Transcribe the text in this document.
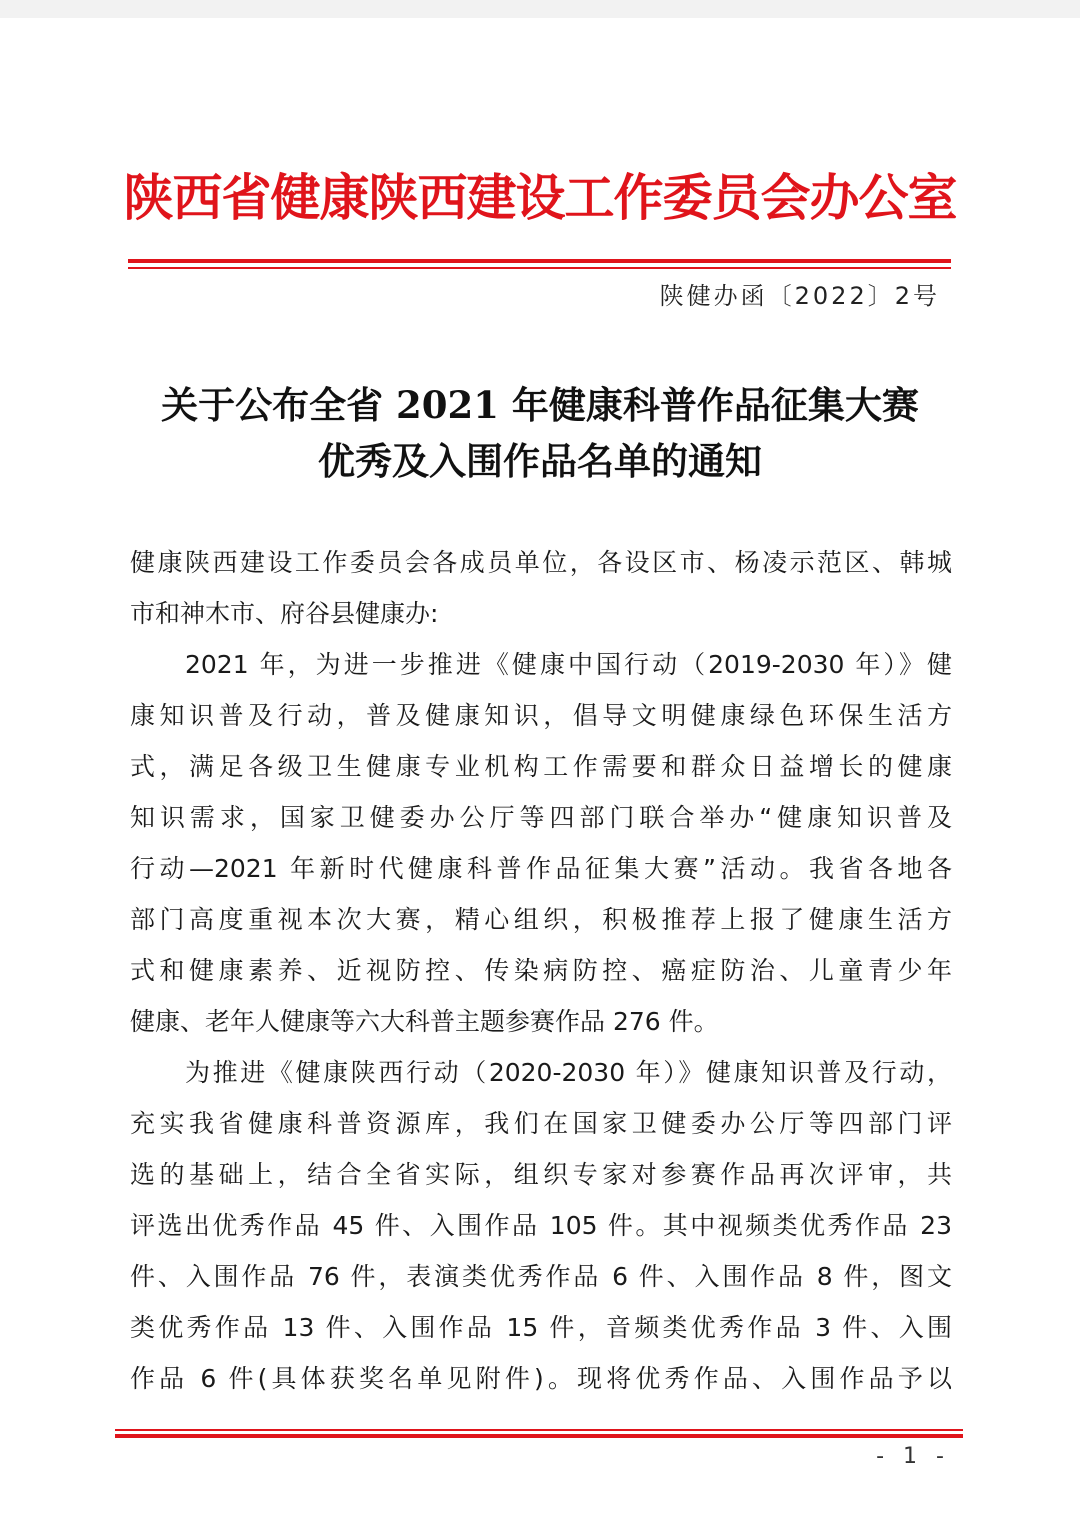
陕西省健康陕西建设工作委员会办公室
陕健办函〔2022〕2号
关于公布全省 2021 年健康科普作品征集大赛
优秀及入围作品名单的通知
健康陕西建设工作委员会各成员单位，各设区市、杨凌示范区、韩城
市和神木市、府谷县健康办:
2021 年，为进一步推进《健康中国行动（2019-2030 年）》健
康知识普及行动，普及健康知识，倡导文明健康绿色环保生活方
式，满足各级卫生健康专业机构工作需要和群众日益增长的健康
知识需求，国家卫健委办公厅等四部门联合举办“健康知识普及
行动—2021 年新时代健康科普作品征集大赛”活动。我省各地各
部门高度重视本次大赛，精心组织，积极推荐上报了健康生活方
式和健康素养、近视防控、传染病防控、癌症防治、儿童青少年
健康、老年人健康等六大科普主题参赛作品 276 件。
为推进《健康陕西行动（2020-2030 年）》健康知识普及行动，
充实我省健康科普资源库，我们在国家卫健委办公厅等四部门评
选的基础上，结合全省实际，组织专家对参赛作品再次评审，共
评选出优秀作品 45 件、入围作品 105 件。其中视频类优秀作品 23
件、入围作品 76 件，表演类优秀作品 6 件、入围作品 8 件，图文
类优秀作品 13 件、入围作品 15 件，音频类优秀作品 3 件、入围
作品 6 件(具体获奖名单见附件)。现将优秀作品、入围作品予以
- 1 -
